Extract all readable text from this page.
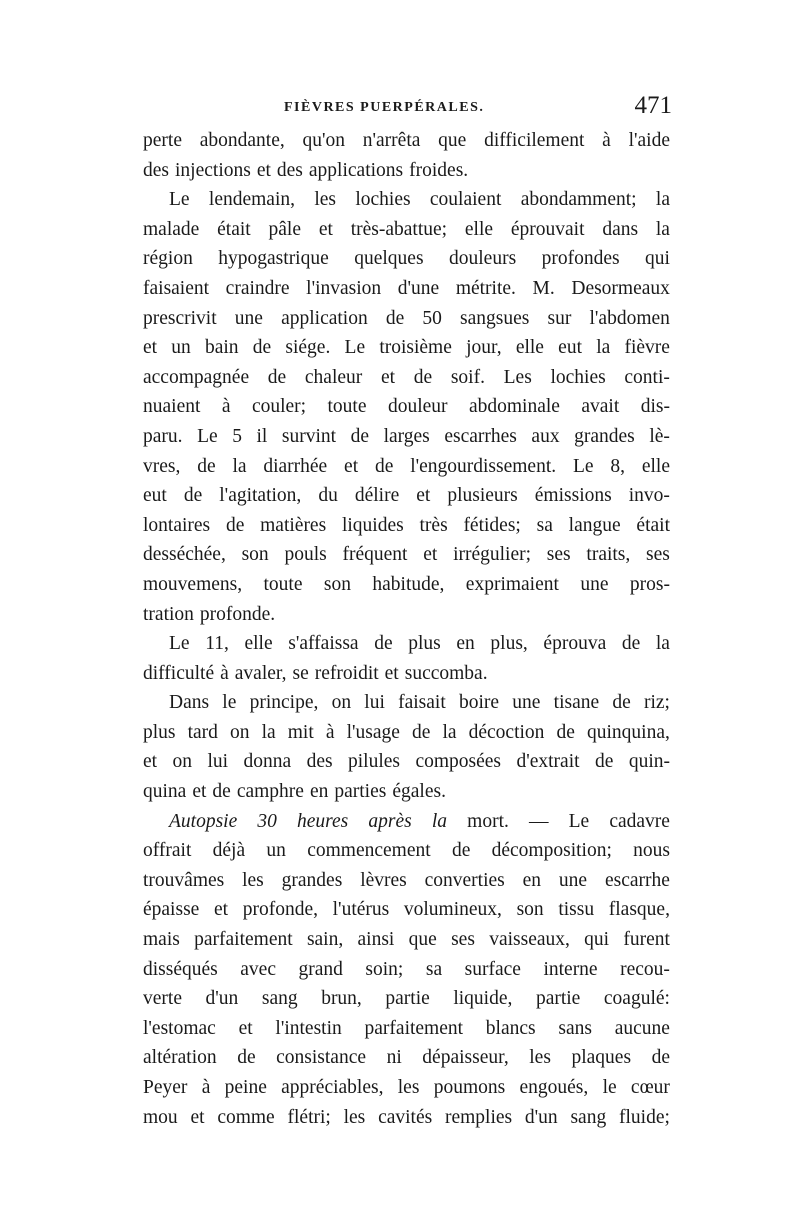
FIÈVRES PUERPÉRALES.	471
perte abondante, qu'on n'arrêta que difficilement à l'aide
des injections et des applications froides.
Le lendemain, les lochies coulaient abondamment; la
malade était pâle et très-abattue; elle éprouvait dans la
région hypogastrique quelques douleurs profondes qui
faisaient craindre l'invasion d'une métrite. M. Desormeaux
prescrivit une application de 50 sangsues sur l'abdomen
et un bain de siége. Le troisième jour, elle eut la fièvre
accompagnée de chaleur et de soif. Les lochies conti-
nuaient à couler; toute douleur abdominale avait dis-
paru. Le 5 il survint de larges escarrhes aux grandes lè-
vres, de la diarrhée et de l'engourdissement. Le 8, elle
eut de l'agitation, du délire et plusieurs émissions invo-
lontaires de matières liquides très fétides; sa langue était
desséchée, son pouls fréquent et irrégulier; ses traits, ses
mouvemens, toute son habitude, exprimaient une pros-
tration profonde.
Le 11, elle s'affaissa de plus en plus, éprouva de la
difficulté à avaler, se refroidit et succomba.
Dans le principe, on lui faisait boire une tisane de riz;
plus tard on la mit à l'usage de la décoction de quinquina,
et on lui donna des pilules composées d'extrait de quin-
quina et de camphre en parties égales.
Autopsie 30 heures après la mort. — Le cadavre
offrait déjà un commencement de décomposition; nous
trouvâmes les grandes lèvres converties en une escarrhe
épaisse et profonde, l'utérus volumineux, son tissu flasque,
mais parfaitement sain, ainsi que ses vaisseaux, qui furent
disséqués avec grand soin; sa surface interne recou-
verte d'un sang brun, partie liquide, partie coagulé:
l'estomac et l'intestin parfaitement blancs sans aucune
altération de consistance ni dépaisseur, les plaques de
Peyer à peine appréciables, les poumons engoués, le cœur
mou et comme flétri; les cavités remplies d'un sang fluide;
